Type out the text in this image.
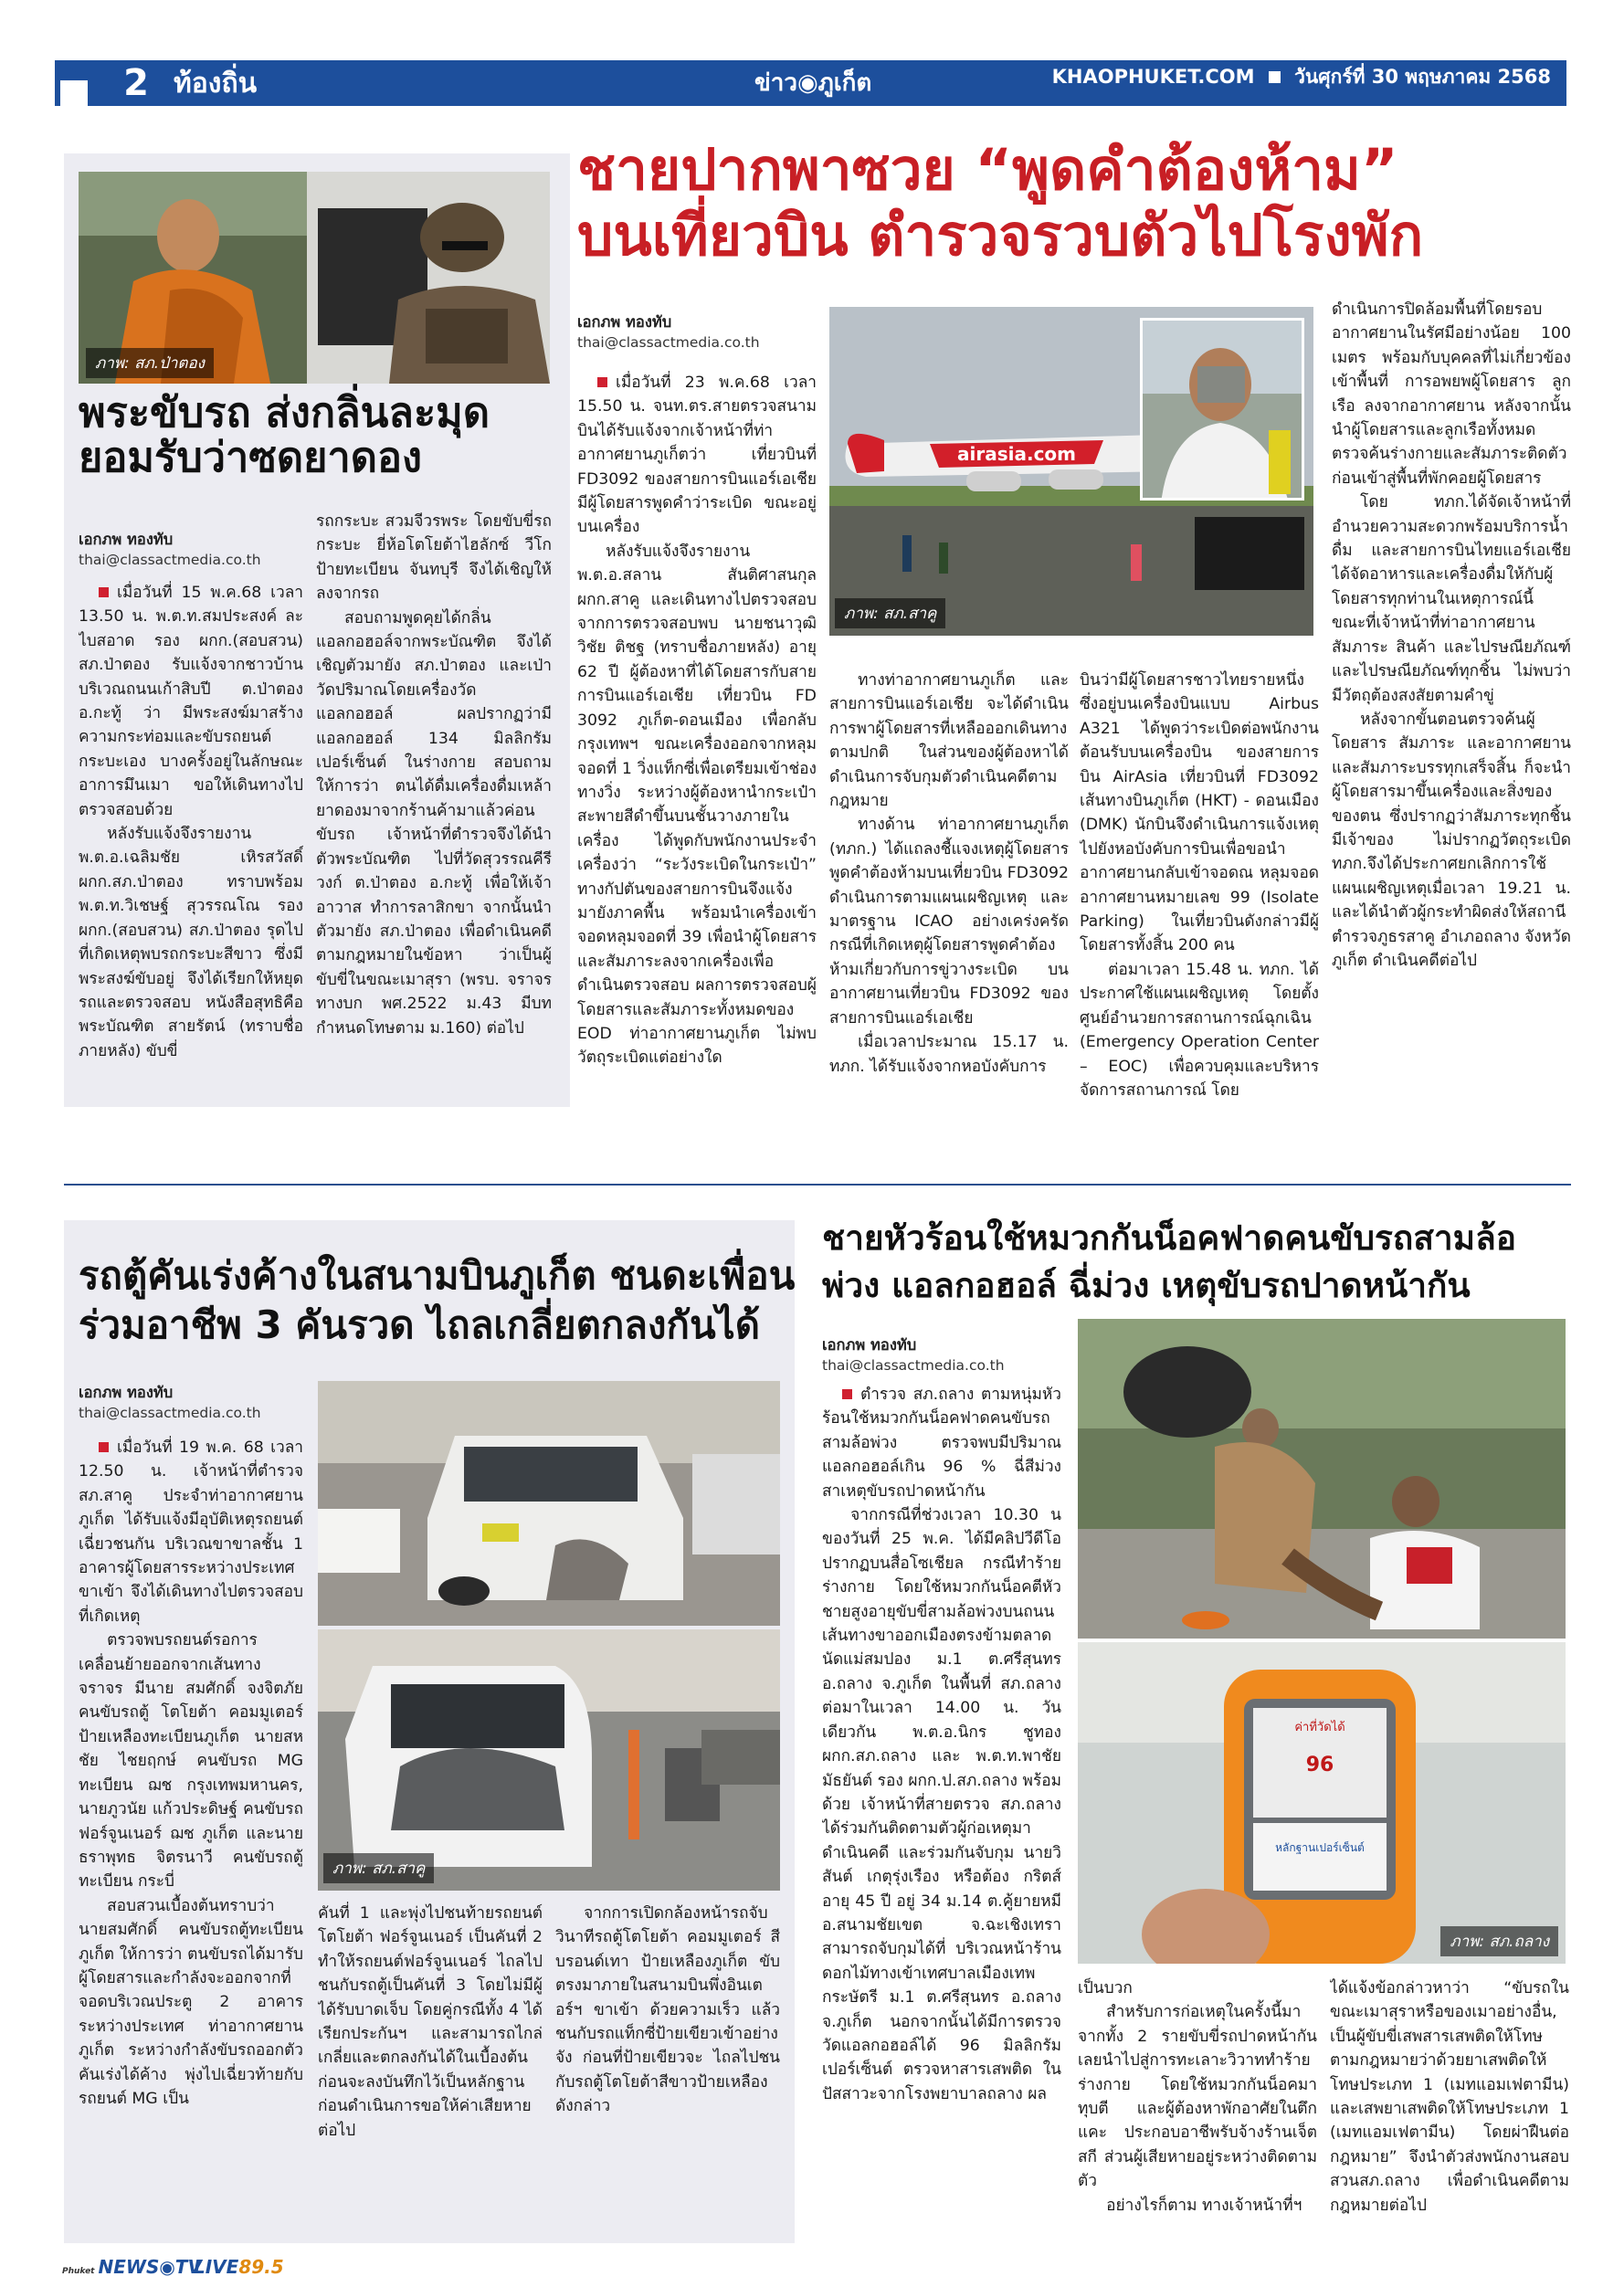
2 ท้องถิ่น	ข่าว◉ภูเก็ต	KHAOPHUKET.COM วันศุกร์ที่ 30 พฤษภาคม 2568
ภาพ: สภ.ป่าตอง
พระขับรถ ส่งกลิ่นละมุด
ยอมรับว่าซดยาดอง
เอกภพ ทองทับ
thai@classactmedia.co.th

เมื่อวันที่ 15 พ.ค.68 เวลา 13.50 น. พ.ต.ท.สมประสงค์ ละไบสอาด รอง ผกก.(สอบสวน) สภ.ป่าตอง รับแจ้งจากชาวบ้าน บริเวณถนนเก้าสิบปี ต.ป่าตอง อ.กะทู้ ว่า มีพระสงฆ์มาสร้างความกระท่อมและขับรถยนต์กระบะเอง บางครั้งอยู่ในลักษณะอาการมึนเมา ขอให้เดินทางไปตรวจสอบด้วย

หลังรับแจ้งจึงรายงาน พ.ต.อ.เฉลิมชัย เหิรสวัสดิ์ ผกก.สภ.ป่าตอง ทราบพร้อม พ.ต.ท.วิเชษฐ์ สุวรรณโณ รอง ผกก.(สอบสวน) สภ.ป่าตอง รุดไปที่เกิดเหตุพบรถกระบะสีขาว ซึ่งมีพระสงฆ์ขับอยู่ จึงได้เรียกให้หยุดรถและตรวจสอบ หนังสือสุทธิคือ พระบัณฑิต สายรัตน์ (ทราบชื่อภายหลัง) ขับขี่

รถกระบะ สวมจีวรพระ โดยขับขี่รถกระบะ ยี่ห้อโตโยต้าไฮลักซ์ วีโก ป้ายทะเบียน จันทบุรี จึงได้เชิญให้ลงจากรถ

สอบถามพูดคุยได้กลิ่นแอลกอฮอล์จากพระบัณฑิต จึงได้เชิญตัวมายัง สภ.ป่าตอง และเป่าวัดปริมาณโดยเครื่องวัดแอลกอฮอล์ ผลปรากฏว่ามีแอลกอฮอล์ 134 มิลลิกรัมเปอร์เซ็นต์ ในร่างกาย สอบถามให้การว่า ตนได้ดื่มเครื่องดื่มเหล้ายาดองมาจากร้านค้ามาแล้วค่อนขับรถ เจ้าหน้าที่ตำรวจจึงได้นำตัวพระบัณฑิต ไปที่วัดสุวรรณคีรีวงก์ ต.ป่าตอง อ.กะทู้ เพื่อให้เจ้าอาวาส ทำการลาสิกขา จากนั้นนำตัวมายัง สภ.ป่าตอง เพื่อดำเนินคดีตามกฎหมายในข้อหา ว่าเป็นผู้ขับขี่ในขณะเมาสุรา (พรบ. จราจรทางบก พศ.2522 ม.43 มีบทกำหนดโทษตาม ม.160) ต่อไป

ชายปากพาซวย “พูดคำต้องห้าม”
บนเที่ยวบิน ตำรวจรวบตัวไปโรงพัก
เอกภพ ทองทับ
thai@classactmedia.co.th
airasia.com
ภาพ: สภ.สาคู

เมื่อวันที่ 23 พ.ค.68 เวลา 15.50 น. จนท.ตร.สายตรวจสนามบินได้รับแจ้งจากเจ้าหน้าที่ท่าอากาศยานภูเก็ตว่า เที่ยวบินที่ FD3092 ของสายการบินแอร์เอเชีย มีผู้โดยสารพูดคำว่าระเบิด ขณะอยู่บนเครื่อง

หลังรับแจ้งจึงรายงาน พ.ต.อ.สลาน สันติศาสนกุล ผกก.สาคู และเดินทางไปตรวจสอบ จากการตรวจสอบพบ นายชนาวุฒิวิชัย ติชฐ (ทราบชื่อภายหลัง) อายุ 62 ปี ผู้ต้องหาที่ได้โดยสารกับสายการบินแอร์เอเชีย เที่ยวบิน FD 3092 ภูเก็ต-ดอนเมือง เพื่อกลับกรุงเทพฯ ขณะเครื่องออกจากหลุมจอดที่ 1 วิ่งแท็กซี่เพื่อเตรียมเข้าช่องทางวิ่ง ระหว่างผู้ต้องหานำกระเป๋าสะพายสีดำขึ้นบนชั้นวางภายในเครื่อง ได้พูดกับพนักงานประจำเครื่องว่า “ระวังระเบิดในกระเป๋า” ทางกัปตันของสายการบินจึงแจ้งมายังภาคพื้น พร้อมนำเครื่องเข้าจอดหลุมจอดที่ 39 เพื่อนำผู้โดยสารและสัมภาระลงจากเครื่องเพื่อดำเนินตรวจสอบ ผลการตรวจสอบผู้โดยสารและสัมภาระทั้งหมดของ EOD ท่าอากาศยานภูเก็ต ไม่พบวัตถุระเบิดแต่อย่างใด

ทางท่าอากาศยานภูเก็ต และสายการบินแอร์เอเชีย จะได้ดำเนินการพาผู้โดยสารที่เหลือออกเดินทางตามปกติ ในส่วนของผู้ต้องหาได้ดำเนินการจับกุมตัวดำเนินคดีตามกฎหมาย

ทางด้าน ท่าอากาศยานภูเก็ต (ทภก.) ได้แถลงชี้แจงเหตุผู้โดยสารพูดคำต้องห้ามบนเที่ยวบิน FD3092 ดำเนินการตามแผนเผชิญเหตุ และมาตรฐาน ICAO อย่างเคร่งครัด กรณีที่เกิดเหตุผู้โดยสารพูดคำต้องห้ามเกี่ยวกับการขู่วางระเบิด บนอากาศยานเที่ยวบิน FD3092 ของสายการบินแอร์เอเชีย

เมื่อเวลาประมาณ 15.17 น. ทภก. ได้รับแจ้งจากหอบังคับการ

บินว่ามีผู้โดยสารชาวไทยรายหนึ่ง ซึ่งอยู่บนเครื่องบินแบบ Airbus A321 ได้พูดว่าระเบิดต่อพนักงานต้อนรับบนเครื่องบิน ของสายการบิน AirAsia เที่ยวบินที่ FD3092 เส้นทางบินภูเก็ต (HKT) - ดอนเมือง (DMK) นักบินจึงดำเนินการแจ้งเหตุไปยังหอบังคับการบินเพื่อขอนำอากาศยานกลับเข้าจอดณ หลุมจอดอากาศยานหมายเลข 99 (Isolate Parking) ในเที่ยวบินดังกล่าวมีผู้โดยสารทั้งสิ้น 200 คน

ต่อมาเวลา 15.48 น. ทภก. ได้ประกาศใช้แผนเผชิญเหตุ โดยตั้งศูนย์อำนวยการสถานการณ์ฉุกเฉิน (Emergency Operation Center – EOC) เพื่อควบคุมและบริหารจัดการสถานการณ์ โดย

ดำเนินการปิดล้อมพื้นที่โดยรอบอากาศยานในรัศมีอย่างน้อย 100 เมตร พร้อมกับบุคคลที่ไม่เกี่ยวข้องเข้าพื้นที่ การอพยพผู้โดยสาร ลูกเรือ ลงจากอากาศยาน หลังจากนั้น นำผู้โดยสารและลูกเรือทั้งหมดตรวจค้นร่างกายและสัมภาระติดตัวก่อนเข้าสู่พื้นที่พักคอยผู้โดยสาร

โดย ทภก.ได้จัดเจ้าหน้าที่อำนวยความสะดวกพร้อมบริการน้ำดื่ม และสายการบินไทยแอร์เอเชียได้จัดอาหารและเครื่องดื่มให้กับผู้โดยสารทุกท่านในเหตุการณ์นี้ ขณะที่เจ้าหน้าที่ท่าอากาศยาน สัมภาระ สินค้า และไปรษณียภัณฑ์ และไปรษณียภัณฑ์ทุกชิ้น ไม่พบว่ามีวัตถุต้องสงสัยตามคำขู่

หลังจากขั้นตอนตรวจค้นผู้โดยสาร สัมภาระ และอากาศยานและสัมภาระบรรทุกเสร็จสิ้น ก็จะนำผู้โดยสารมาขึ้นเครื่องและสิ่งของของตน ซึ่งปรากฏว่าสัมภาระทุกชิ้นมีเจ้าของ ไม่ปรากฏวัตถุระเบิด ทภก.จึงได้ประกาศยกเลิกการใช้แผนเผชิญเหตุเมื่อเวลา 19.21 น. และได้นำตัวผู้กระทำผิดส่งให้สถานีตำรวจภูธรสาคู อำเภอถลาง จังหวัดภูเก็ต ดำเนินคดีต่อไป

รถตู้คันเร่งค้างในสนามบินภูเก็ต ชนดะเพื่อน
ร่วมอาชีพ 3 คันรวด ไถลเกลี่ยตกลงกันได้
เอกภพ ทองทับ
thai@classactmedia.co.th
ภาพ: สภ.สาคู

เมื่อวันที่ 19 พ.ค. 68 เวลา 12.50 น. เจ้าหน้าที่ตำรวจ สภ.สาคู ประจำท่าอากาศยานภูเก็ต ได้รับแจ้งมีอุบัติเหตุรถยนต์เฉี่ยวชนกัน บริเวณขาขาลชั้น 1 อาคารผู้โดยสารระหว่างประเทศขาเข้า จึงได้เดินทางไปตรวจสอบที่เกิดเหตุ

ตรวจพบรถยนต์รอการเคลื่อนย้ายออกจากเส้นทางจราจร มีนาย สมศักดิ์ จงจิตภัย คนขับรถตู้ โตโยต้า คอมมูเตอร์ ป้ายเหลืองทะเบียนภูเก็ต นายสหชัย ไชยฤกษ์ คนขับรถ MG ทะเบียน ฌช กรุงเทพมหานคร, นายภูวนัย แก้วประดิษฐ์ คนขับรถฟอร์จูนเนอร์ ฌช ภูเก็ต และนายธราพุทธ จิตรนาวี คนขับรถตู้ทะเบียน กระบี่

สอบสวนเบื้องต้นทราบว่า นายสมศักดิ์ คนขับรถตู้ทะเบียนภูเก็ต ให้การว่า ตนขับรถได้มารับผู้โดยสารและกำลังจะออกจากที่จอดบริเวณประตู 2 อาคารระหว่างประเทศ ท่าอากาศยานภูเก็ต ระหว่างกำลังขับรถออกตัวคันเร่งได้ค้าง พุ่งไปเฉี่ยวท้ายกับรถยนต์ MG เป็น

คันที่ 1 และพุ่งไปชนท้ายรถยนต์โตโยต้า ฟอร์จูนเนอร์ เป็นคันที่ 2 ทำให้รถยนต์ฟอร์จูนเนอร์ ไถลไปชนกับรถตู้เป็นคันที่ 3 โดยไม่มีผู้ได้รับบาดเจ็บ โดยคู่กรณีทั้ง 4 ได้เรียกประกันฯ และสามารถไกล่เกลี่ยและตกลงกันได้ในเบื้องต้น ก่อนจะลงบันทึกไว้เป็นหลักฐานก่อนดำเนินการขอให้ค่าเสียหายต่อไป

จากการเปิดกล้องหน้ารถจับวินาทีรถตู้โตโยต้า คอมมูเตอร์ สีบรอนด์เทา ป้ายเหลืองภูเก็ต ขับตรงมาภายในสนามบินพึ่งอินเตอร์ฯ ขาเข้า ด้วยความเร็ว แล้วชนกับรถแท็กซี่ป้ายเขียวเข้าอย่างจัง ก่อนที่ป้ายเขียวจะ ไถลไปชนกับรถตู้โตโยต้าสีขาวป้ายเหลืองดังกล่าว

ชายหัวร้อนใช้หมวกกันน็อคฟาดคนขับรถสามล้อ
พ่วง แอลกอฮอล์ ฉี่ม่วง เหตุขับรถปาดหน้ากัน
เอกภพ ทองทับ
thai@classactmedia.co.th
ค่าที่วัดได้
96
หลักฐานเปอร์เซ็นต์
ภาพ: สภ.ถลาง

ตำรวจ สภ.ถลาง ตามหนุ่มหัวร้อนใช้หมวกกันน็อคฟาดคนขับรถสามล้อพ่วง ตรวจพบมีปริมาณแอลกอฮอล์เกิน 96 % ฉี่สีม่วงสาเหตุขับรถปาดหน้ากัน

จากกรณีที่ช่วงเวลา 10.30 น ของวันที่ 25 พ.ค. ได้มีคลิปวีดีโอปรากฏบนสื่อโซเชียล กรณีทำร้ายร่างกาย โดยใช้หมวกกันน็อคตีหัวชายสูงอายุขับขี่สามล้อพ่วงบนถนนเส้นทางขาออกเมืองตรงข้ามตลาดนัดแม่สมปอง ม.1 ต.ศรีสุนทร อ.ถลาง จ.ภูเก็ต ในพื้นที่ สภ.ถลาง ต่อมาในเวลา 14.00 น. วันเดียวกัน พ.ต.อ.นิกร ชูทอง ผกก.สภ.ถลาง และ พ.ต.ท.พาชัย มัธยันต์ รอง ผกก.ป.สภ.ถลาง พร้อมด้วย เจ้าหน้าที่สายตรวจ สภ.ถลาง ได้ร่วมกันติดตามตัวผู้ก่อเหตุมาดำเนินคดี และร่วมกันจับกุม นายวิสันต์ เกตุรุ่งเรือง หรือต้อง กริตส์ อายุ 45 ปี อยู่ 34 ม.14 ต.คู้ยายหมี อ.สนามชัยเขต จ.ฉะเชิงเทรา สามารถจับกุมได้ที่ บริเวณหน้าร้านดอกไม้ทางเข้าเทศบาลเมืองเทพกระษัตรี ม.1 ต.ศรีสุนทร อ.ถลาง จ.ภูเก็ต นอกจากนั้นได้มีการตรวจวัดแอลกอฮอล์ได้ 96 มิลลิกรัมเปอร์เซ็นต์ ตรวจหาสารเสพติด ในปัสสาวะจากโรงพยาบาลถลาง ผล

เป็นบวก

สำหรับการก่อเหตุในครั้งนี้มาจากทั้ง 2 รายขับขี่รถปาดหน้ากันเลยนำไปสู่การทะเลาะวิวาททำร้ายร่างกาย โดยใช้หมวกกันน็อคมาทุบตี และผู้ต้องหาพักอาศัยในตึกแคะ ประกอบอาชีพรับจ้างร้านเจ็ตสกี ส่วนผู้เสียหายอยู่ระหว่างติดตามตัว

อย่างไรก็ตาม ทางเจ้าหน้าที่ฯ

ได้แจ้งข้อกล่าวหาว่า “ขับรถในขณะเมาสุราหรือของเมาอย่างอื่น, เป็นผู้ขับขี่เสพสารเสพติดให้โทษตามกฎหมายว่าด้วยยาเสพติดให้โทษประเภท 1 (เมทแอมเฟตามีน) และเสพยาเสพติดให้โทษประเภท 1 (เมทแอมเฟตามีน) โดยผ่าฝืนต่อกฎหมาย” จึงนำตัวส่งพนักงานสอบสวนสภ.ถลาง เพื่อดำเนินคดีตามกฎหมายต่อไป

Phuket NEWS◉TV
LIVE89.5
